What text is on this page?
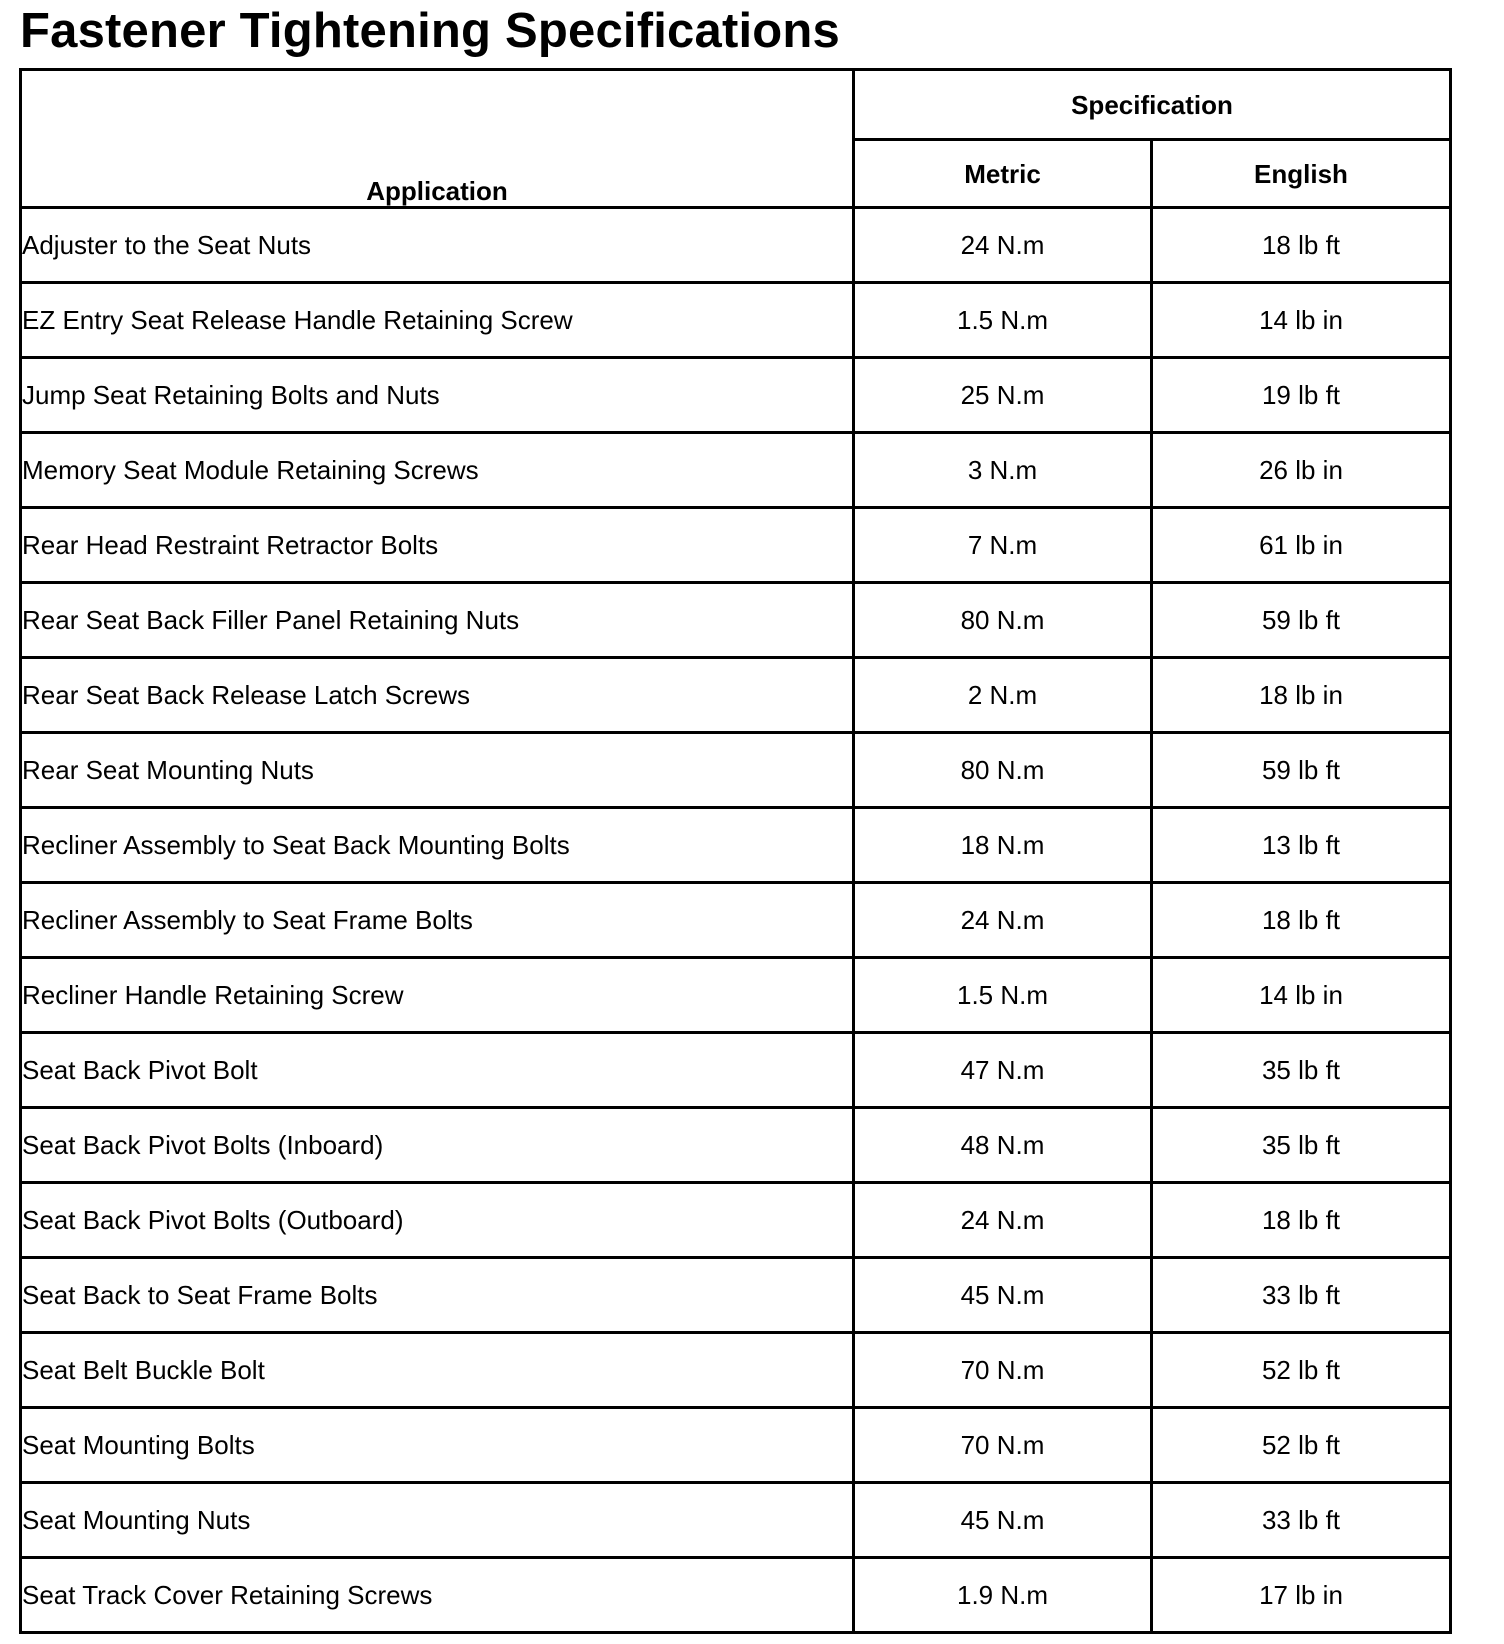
Fastener Tightening Specifications
Application	Specification	
	Metric	English
Adjuster to the Seat Nuts	24 N.m	18 lb ft
EZ Entry Seat Release Handle Retaining Screw	1.5 N.m	14 lb in
Jump Seat Retaining Bolts and Nuts	25 N.m	19 lb ft
Memory Seat Module Retaining Screws	3 N.m	26 lb in
Rear Head Restraint Retractor Bolts	7 N.m	61 lb in
Rear Seat Back Filler Panel Retaining Nuts	80 N.m	59 lb ft
Rear Seat Back Release Latch Screws	2 N.m	18 lb in
Rear Seat Mounting Nuts	80 N.m	59 lb ft
Recliner Assembly to Seat Back Mounting Bolts	18 N.m	13 lb ft
Recliner Assembly to Seat Frame Bolts	24 N.m	18 lb ft
Recliner Handle Retaining Screw	1.5 N.m	14 lb in
Seat Back Pivot Bolt	47 N.m	35 lb ft
Seat Back Pivot Bolts (Inboard)	48 N.m	35 lb ft
Seat Back Pivot Bolts (Outboard)	24 N.m	18 lb ft
Seat Back to Seat Frame Bolts	45 N.m	33 lb ft
Seat Belt Buckle Bolt	70 N.m	52 lb ft
Seat Mounting Bolts	70 N.m	52 lb ft
Seat Mounting Nuts	45 N.m	33 lb ft
Seat Track Cover Retaining Screws	1.9 N.m	17 lb in
